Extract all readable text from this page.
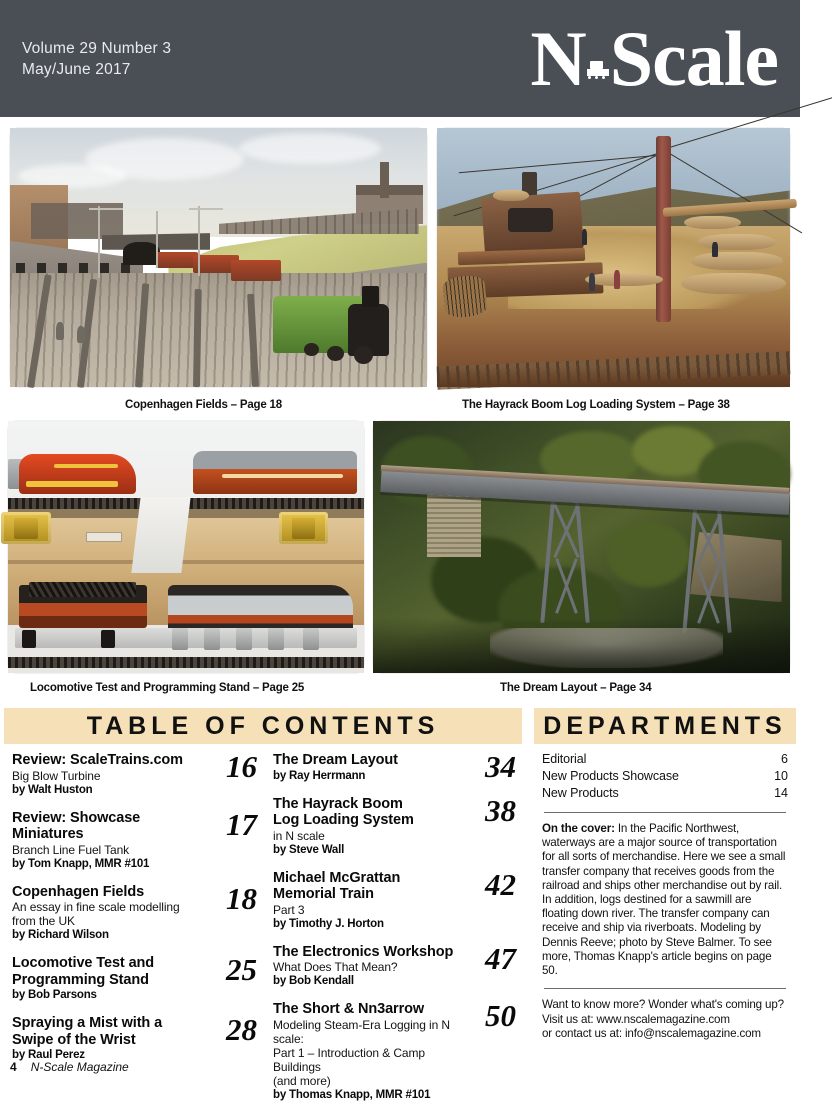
Volume 29 Number 3
May/June 2017	N Scale
Copenhagen Fields – Page 18	The Hayrack Boom Log Loading System – Page 38
Locomotive Test and Programming Stand – Page 25	The Dream Layout – Page 34
TABLE OF CONTENTS
Review: ScaleTrains.com
Big Blow Turbine
by Walt Huston
16
Review: Showcase Miniatures
Branch Line Fuel Tank
by Tom Knapp, MMR #101
17
Copenhagen Fields
An essay in fine scale modelling
from the UK
by Richard Wilson
18
Locomotive Test and
Programming Stand
by Bob Parsons
25
Spraying a Mist with a
Swipe of the Wrist
by Raul Perez
28
The Dream Layout
by Ray Herrmann	34
The Hayrack Boom
Log Loading System
in N scale
by Steve Wall
38
Michael McGrattan
Memorial Train
Part 3
by Timothy J. Horton
42
The Electronics Workshop
What Does That Mean?
by Bob Kendall
47
The Short & Nn3arrow
Modeling Steam-Era Logging in N scale:
Part 1 – Introduction & Camp Buildings
(and more)
by Thomas Knapp, MMR #101
50
DEPARTMENTS
Editorial	6
New Products Showcase	10
New Products	14
On the cover: In the Pacific Northwest, waterways are a major source of transportation for all sorts of merchandise. Here we see a small transfer company that receives goods from the railroad and ships other merchandise out by rail. In addition, logs destined for a sawmill are floating down river. The transfer company can receive and ship via riverboats. Modeling by Dennis Reeve; photo by Steve Balmer. To see more, Thomas Knapp's article begins on page 50.
Want to know more? Wonder what's coming up?
Visit us at: www.nscalemagazine.com
or contact us at: info@nscalemagazine.com
4 N-Scale Magazine
